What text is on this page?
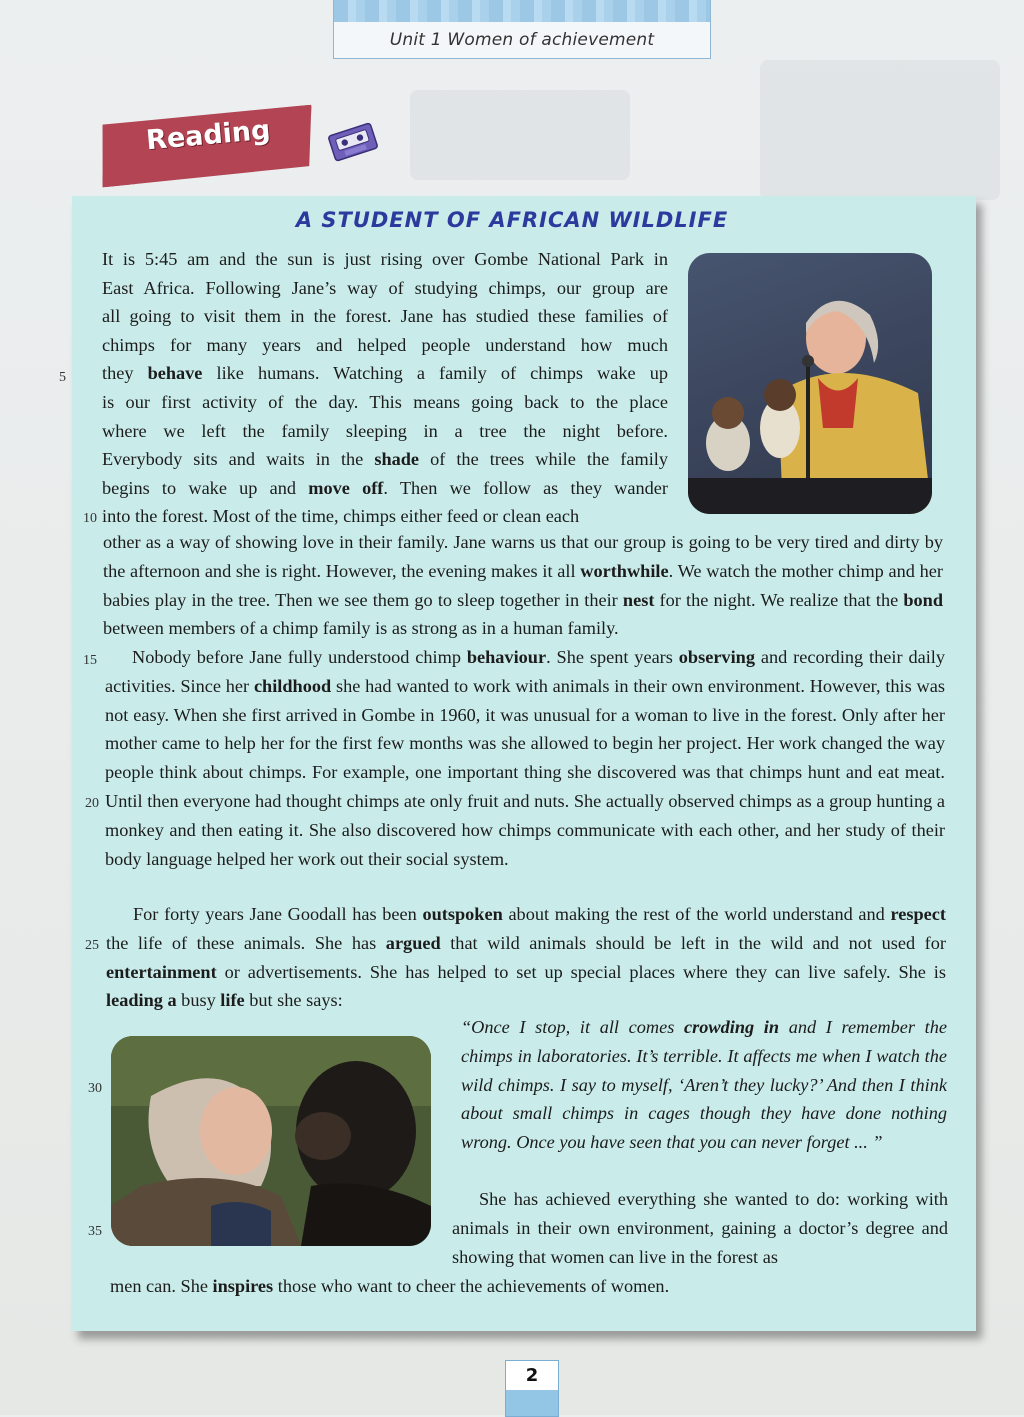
Unit 1 Women of achievement
Reading
A STUDENT OF AFRICAN WILDLIFE
It is 5:45 am and the sun is just rising over Gombe National Park in
East Africa. Following Jane’s way of studying chimps, our group are
all going to visit them in the forest. Jane has studied these families of
chimps for many years and helped people understand how much
they behave like humans. Watching a family of chimps wake up
is our first activity of the day. This means going back to the place
where we left the family sleeping in a tree the night before.
Everybody sits and waits in the shade of the trees while the family
begins to wake up and move off. Then we follow as they wander
into the forest. Most of the time, chimps either feed or clean each

other as a way of showing love in their family. Jane warns us that our group is going to be very tired and dirty by the afternoon and she is right. However, the evening makes it all worthwhile. We watch the mother chimp and her babies play in the tree. Then we see them go to sleep together in their nest for the night. We realize that the bond between members of a chimp family is as strong as in a human family.

Nobody before Jane fully understood chimp behaviour. She spent years observing and recording their daily activities. Since her childhood she had wanted to work with animals in their own environment. However, this was not easy. When she first arrived in Gombe in 1960, it was unusual for a woman to live in the forest. Only after her mother came to help her for the first few months was she allowed to begin her project. Her work changed the way people think about chimps. For example, one important thing she discovered was that chimps hunt and eat meat. Until then everyone had thought chimps ate only fruit and nuts. She actually observed chimps as a group hunting a monkey and then eating it. She also discovered how chimps communicate with each other, and her study of their body language helped her work out their social system.

For forty years Jane Goodall has been outspoken about making the rest of the world understand and respect the life of these animals. She has argued that wild animals should be left in the wild and not used for entertainment or advertisements. She has helped to set up special places where they can live safely. She is leading a busy life but she says:

“Once I stop, it all comes crowding in and I remember the chimps in laboratories. It’s terrible. It affects me when I watch the wild chimps. I say to myself, ‘Aren’t they lucky?’ And then I think about small chimps in cages though they have done nothing wrong. Once you have seen that you can never forget ... ”

She has achieved everything she wanted to do: working with animals in their own environment, gaining a doctor’s degree and showing that women can live in the forest as

men can. She inspires those who want to cheer the achievements of women.

5
10
15
20
25
30
35
2
